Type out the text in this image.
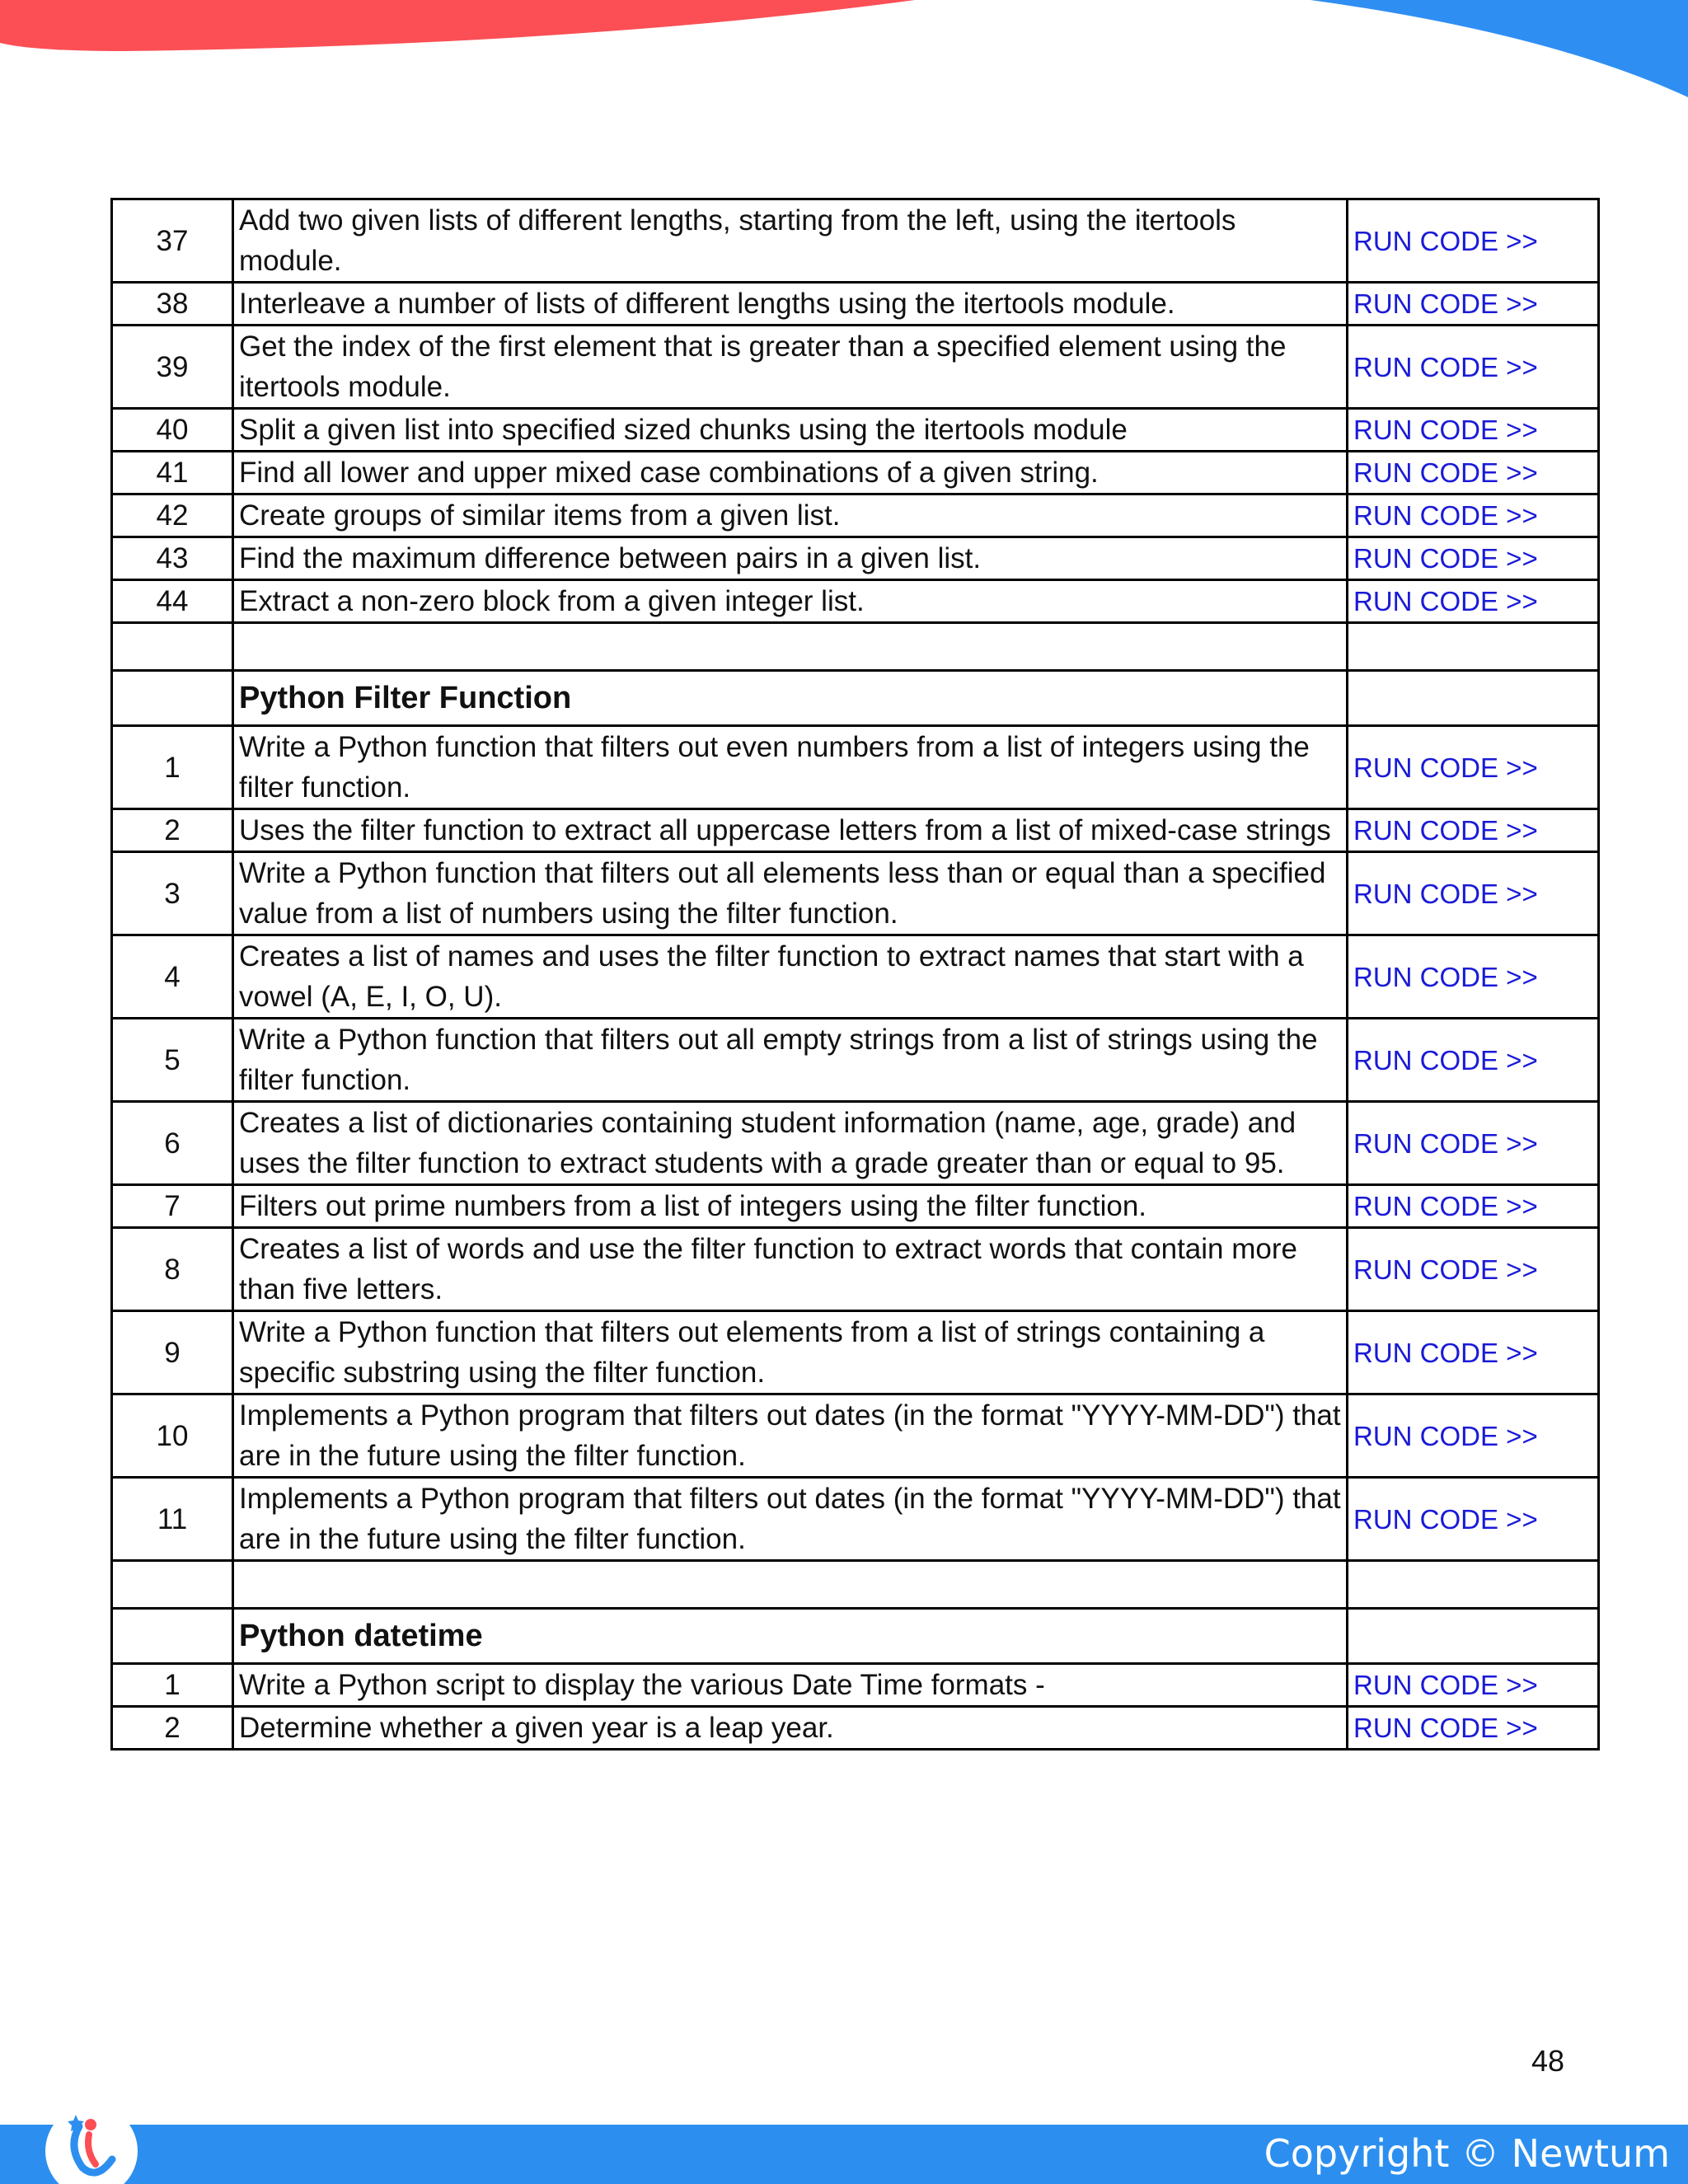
37	Add two given lists of different lengths, starting from the left, using the itertools module.	RUN CODE >>
38	Interleave a number of lists of different lengths using the itertools module.	RUN CODE >>
39	Get the index of the first element that is greater than a specified element using the itertools module.	RUN CODE >>
40	Split a given list into specified sized chunks using the itertools module	RUN CODE >>
41	Find all lower and upper mixed case combinations of a given string.	RUN CODE >>
42	Create groups of similar items from a given list.	RUN CODE >>
43	Find the maximum difference between pairs in a given list.	RUN CODE >>
44	Extract a non-zero block from a given integer list.	RUN CODE >>

	Python Filter Function	
1	Write a Python function that filters out even numbers from a list of integers using the filter function.	RUN CODE >>
2	Uses the filter function to extract all uppercase letters from a list of mixed-case strings	RUN CODE >>
3	Write a Python function that filters out all elements less than or equal than a specified value from a list of numbers using the filter function.	RUN CODE >>
4	Creates a list of names and uses the filter function to extract names that start with a vowel (A, E, I, O, U).	RUN CODE >>
5	Write a Python function that filters out all empty strings from a list of strings using the filter function.	RUN CODE >>
6	Creates a list of dictionaries containing student information (name, age, grade) and uses the filter function to extract students with a grade greater than or equal to 95.	RUN CODE >>
7	Filters out prime numbers from a list of integers using the filter function.	RUN CODE >>
8	Creates a list of words and use the filter function to extract words that contain more than five letters.	RUN CODE >>
9	Write a Python function that filters out elements from a list of strings containing a specific substring using the filter function.	RUN CODE >>
10	Implements a Python program that filters out dates (in the format "YYYY-MM-DD") that are in the future using the filter function.	RUN CODE >>
11	Implements a Python program that filters out dates (in the format "YYYY-MM-DD") that are in the future using the filter function.	RUN CODE >>

	Python datetime	
1	Write a Python script to display the various Date Time formats -	RUN CODE >>
2	Determine whether a given year is a leap year.	RUN CODE >>
48
Copyright © Newtum
